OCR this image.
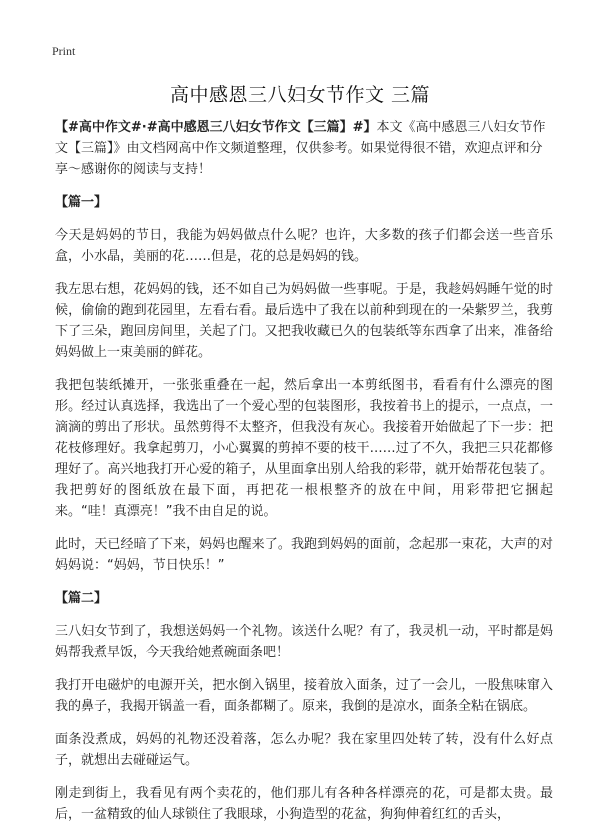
Print
高中感恩三八妇女节作文 三篇

【#高中作文#·#高中感恩三八妇女节作文【三篇】#】本文《高中感恩三八妇女节作文【三篇】》由文档网高中作文频道整理，仅供参考。如果觉得很不错，欢迎点评和分享～感谢你的阅读与支持！

【篇一】

今天是妈妈的节日，我能为妈妈做点什么呢？也许，大多数的孩子们都会送一些音乐盒，小水晶，美丽的花……但是，花的总是妈妈的钱。

我左思右想，花妈妈的钱，还不如自己为妈妈做一些事呢。于是，我趁妈妈睡午觉的时候，偷偷的跑到花园里，左看右看。最后选中了我在以前种到现在的一朵紫罗兰，我剪下了三朵，跑回房间里，关起了门。又把我收藏已久的包装纸等东西拿了出来，准备给妈妈做上一束美丽的鲜花。

我把包装纸摊开，一张张重叠在一起，然后拿出一本剪纸图书，看看有什么漂亮的图形。经过认真选择，我选出了一个爱心型的包装图形，我按着书上的提示，一点点，一滴滴的剪出了形状。虽然剪得不太整齐，但我没有灰心。我接着开始做起了下一步：把花枝修理好。我拿起剪刀，小心翼翼的剪掉不要的枝干……过了不久，我把三只花都修理好了。高兴地我打开心爱的箱子，从里面拿出别人给我的彩带，就开始帮花包装了。我把剪好的图纸放在最下面，再把花一根根整齐的放在中间，用彩带把它捆起来。“哇！真漂亮！”我不由自足的说。

此时，天已经暗了下来，妈妈也醒来了。我跑到妈妈的面前，念起那一束花，大声的对妈妈说：“妈妈，节日快乐！”

【篇二】

三八妇女节到了，我想送妈妈一个礼物。该送什么呢？有了，我灵机一动，平时都是妈妈帮我煮早饭，今天我给她煮碗面条吧！

我打开电磁炉的电源开关，把水倒入锅里，接着放入面条，过了一会儿，一股焦味窜入我的鼻子，我揭开锅盖一看，面条都糊了。原来，我倒的是凉水，面条全粘在锅底。

面条没煮成，妈妈的礼物还没着落，怎么办呢？我在家里四处转了转，没有什么好点子，就想出去碰碰运气。

刚走到街上，我看见有两个卖花的，他们那儿有各种各样漂亮的花，可是都太贵。最后，一盆精致的仙人球锁住了我眼球，小狗造型的花盆，狗狗伸着红红的舌头，
